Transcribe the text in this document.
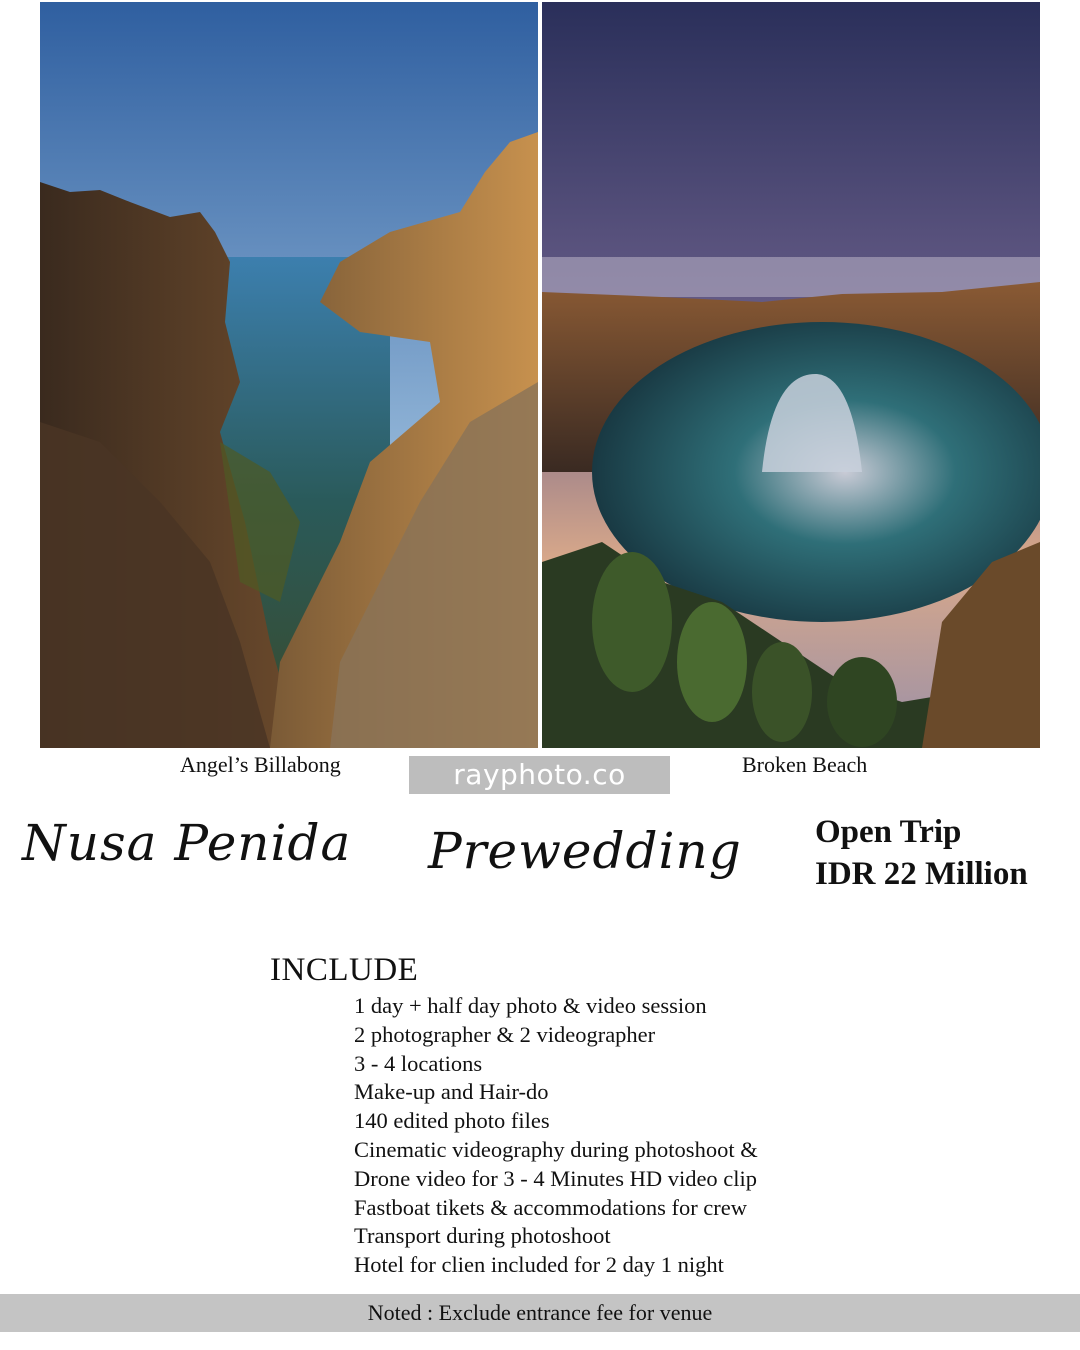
Angel’s Billabong	rayphoto.co	Broken Beach
Nusa Penida Prewedding Open Trip
IDR 22 Million
INCLUDE
1 day + half day photo & video session
2 photographer & 2 videographer
3 - 4 locations
Make-up and Hair-do
140 edited photo files
Cinematic videography during photoshoot &
Drone video for 3 - 4 Minutes HD video clip
Fastboat tikets & accommodations for crew
Transport during photoshoot
Hotel for clien included for 2 day 1 night
Noted : Exclude entrance fee for venue
